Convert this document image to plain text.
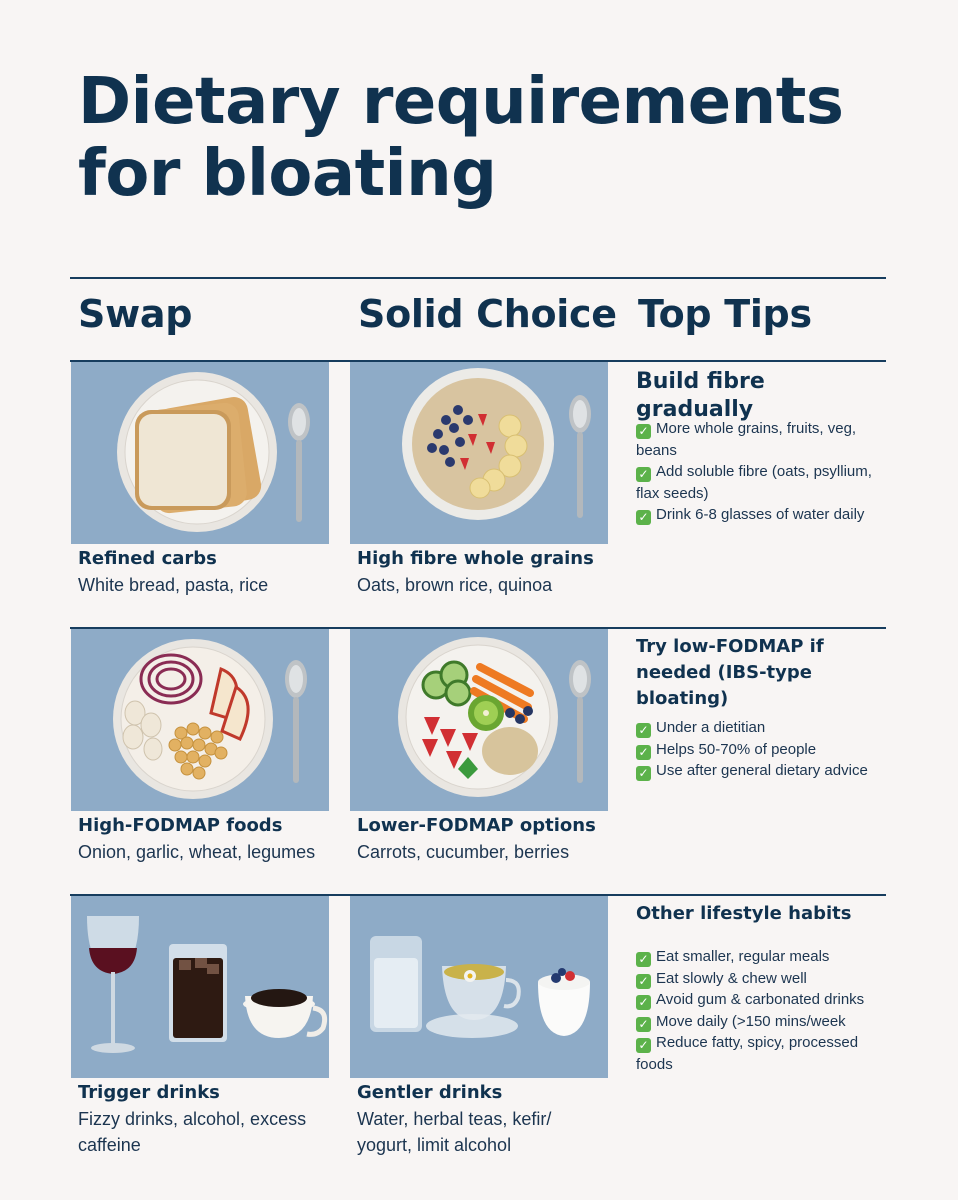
Dietary requirements
for bloating
Swap	Solid Choice Top Tips
Refined carbs
White bread, pasta, rice
High fibre whole grains
Oats, brown rice, quinoa
Build fibre gradually
✓ More whole grains, fruits, veg, beans
✓ Add soluble fibre (oats, psyllium, flax seeds)
✓ Drink 6-8 glasses of water daily
High-FODMAP foods
Onion, garlic, wheat, legumes
Lower-FODMAP options
Carrots, cucumber, berries
Try low-FODMAP if needed (IBS-type bloating)
✓ Under a dietitian
✓ Helps 50-70% of people
✓ Use after general dietary advice
Trigger drinks
Fizzy drinks, alcohol, excess caffeine
Gentler drinks
Water, herbal teas, kefir/ yogurt, limit alcohol
Other lifestyle habits
✓ Eat smaller, regular meals
✓ Eat slowly & chew well
✓ Avoid gum & carbonated drinks
✓ Move daily (>150 mins/week
✓ Reduce fatty, spicy, processed foods
